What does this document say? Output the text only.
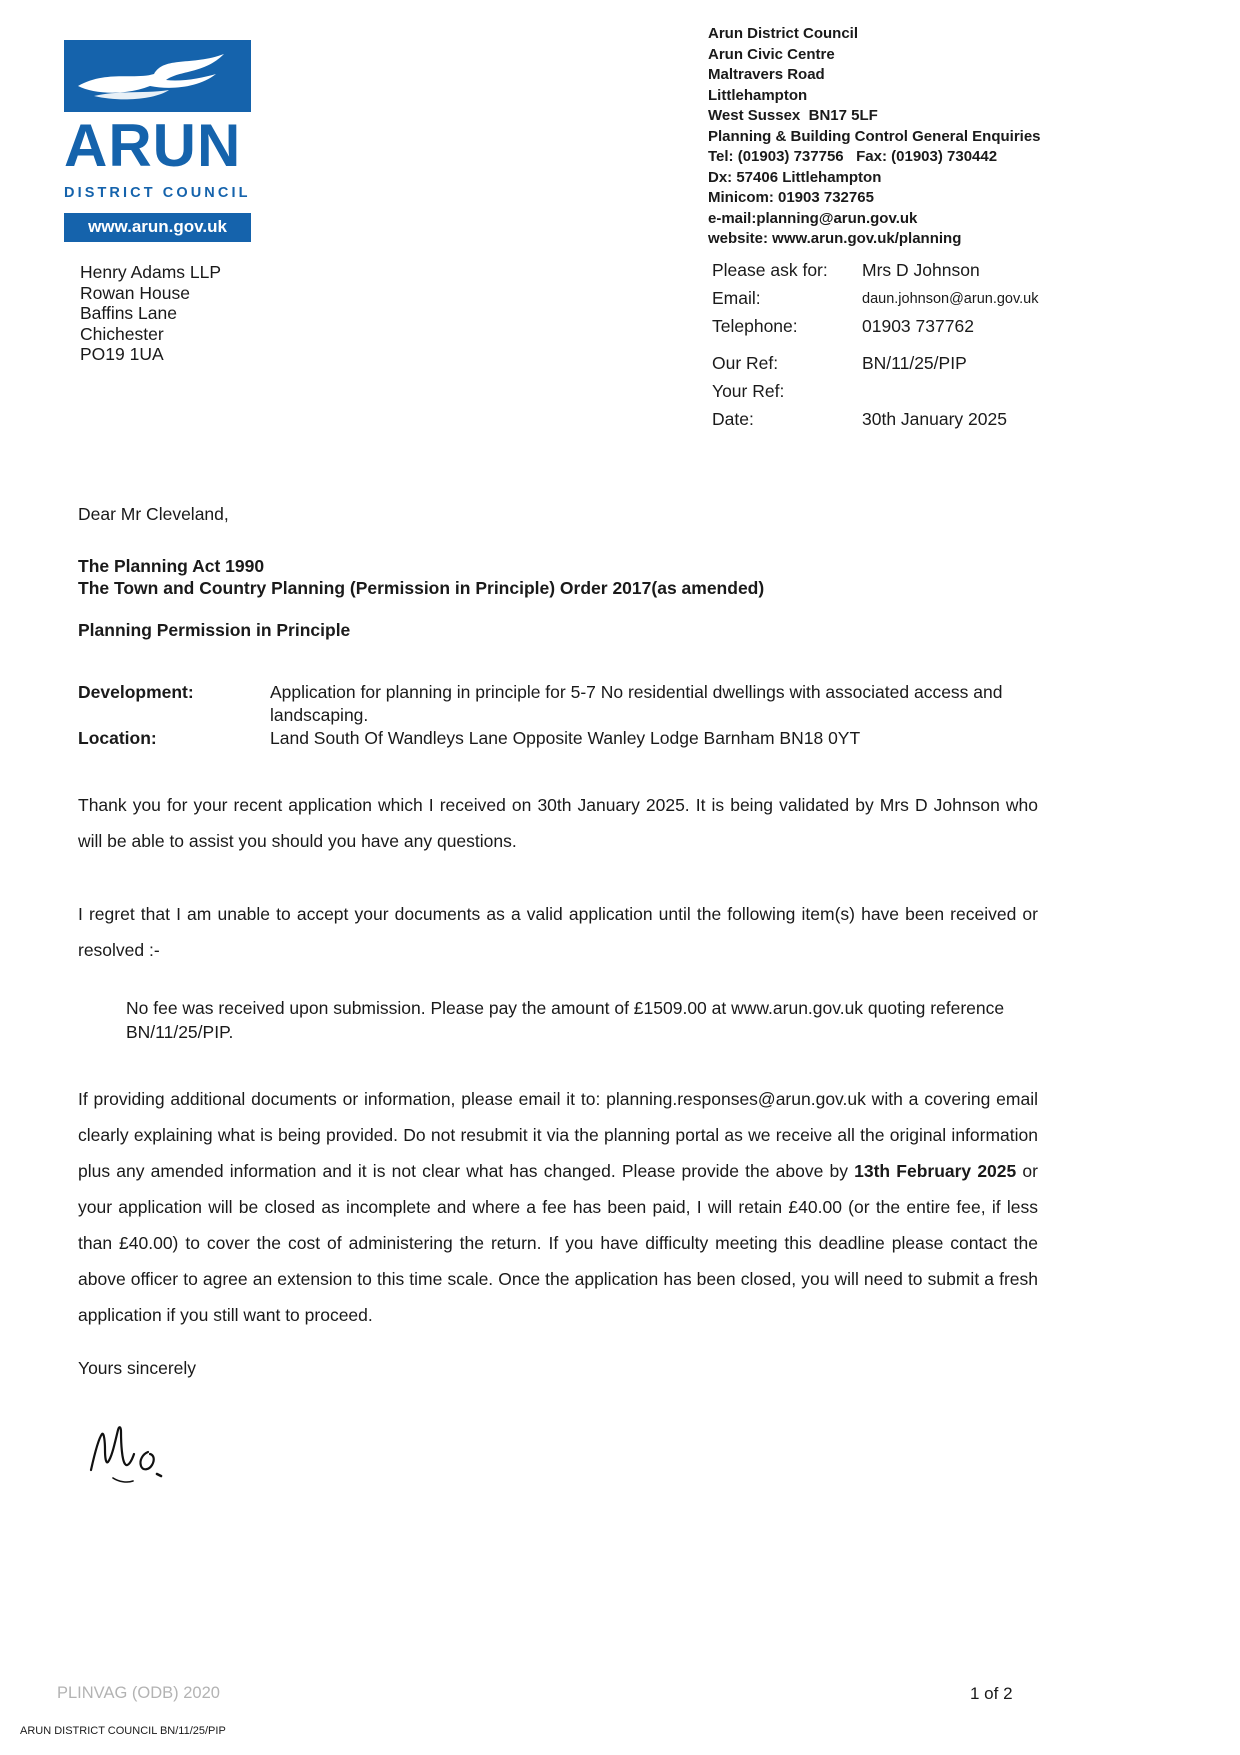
ARUN
DISTRICT COUNCIL
www.arun.gov.uk
Arun District Council
Arun Civic Centre
Maltravers Road
Littlehampton
West Sussex  BN17 5LF
Planning & Building Control General Enquiries
Tel: (01903) 737756   Fax: (01903) 730442
Dx: 57406 Littlehampton
Minicom: 01903 732765
e-mail:planning@arun.gov.uk
website: www.arun.gov.uk/planning
Henry Adams LLP
Rowan House
Baffins Lane
Chichester
PO19 1UA
Please ask for:	Mrs D Johnson
Email:	daun.johnson@arun.gov.uk
Telephone:	01903 737762
Our Ref:	BN/11/25/PIP
Your Ref:
Date:	30th January 2025
Dear Mr Cleveland,
The Planning Act 1990
The Town and Country Planning (Permission in Principle) Order 2017(as amended)
Planning Permission in Principle
Development:	Application for planning in principle for 5-7 No residential dwellings with associated access and landscaping.
Location:	Land South Of Wandleys Lane Opposite Wanley Lodge Barnham BN18 0YT
Thank you for your recent application which I received on 30th January 2025. It is being validated by Mrs D Johnson who will be able to assist you should you have any questions.
I regret that I am unable to accept your documents as a valid application until the following item(s) have been received or resolved :-
No fee was received upon submission. Please pay the amount of £1509.00 at www.arun.gov.uk quoting reference BN/11/25/PIP.
If providing additional documents or information, please email it to: planning.responses@arun.gov.uk with a covering email clearly explaining what is being provided. Do not resubmit it via the planning portal as we receive all the original information plus any amended information and it is not clear what has changed. Please provide the above by 13th February 2025 or your application will be closed as incomplete and where a fee has been paid, I will retain £40.00 (or the entire fee, if less than £40.00) to cover the cost of administering the return. If you have difficulty meeting this deadline please contact the above officer to agree an extension to this time scale. Once the application has been closed, you will need to submit a fresh application if you still want to proceed.
Yours sincerely
PLINVAG (ODB) 2020	1 of 2
ARUN DISTRICT COUNCIL BN/11/25/PIP
